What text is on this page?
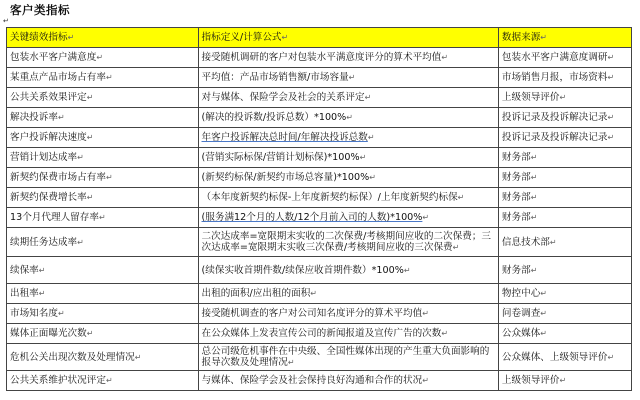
客户类指标
↵
关键绩效指标↵	指标定义/计算公式↵	数据来源↵
包装水平客户满意度↵	接受随机调研的客户对包装水平满意度评分的算术平均值↵	包装水平客户满意度调研↵
某重点产品市场占有率↵	平均值：产品市场销售额/市场容量↵	市场销售月报，市场资料↵
公共关系效果评定↵	对与媒体、保险学会及社会的关系评定↵	上级领导评价↵
解决投诉率↵	(解决的投诉数/投诉总数）*100%↵	投诉记录及投诉解决记录↵
客户投诉解决速度↵	年客户投诉解决总时间/年解决投诉总数↵	投诉记录及投诉解决记录↵
营销计划达成率↵	(营销实际标保/营销计划标保)*100%↵	财务部↵
新契约保费市场占有率↵	(新契约标保/新契约市场总容量)*100%↵	财务部↵
新契约保费增长率↵	（本年度新契约标保-上年度新契约标保）/上年度新契约标保↵	财务部↵
13个月代理人留存率↵	(服务满12个月的人数/12个月前入司的人数)*100%↵	财务部↵
续期任务达成率↵	二次达成率=宽限期末实收的二次保费/考核期间应收的二次保费；三次达成率=宽限期末实收三次保费/考核期间应收的三次保费↵	信息技术部↵
续保率↵	(续保实收首期件数/续保应收首期件数）*100%↵	财务部↵
出租率↵	出租的面积/应出租的面积↵	物控中心↵
市场知名度↵	接受随机调查的客户对公司知名度评分的算术平均值↵	问卷调查↵
媒体正面曝光次数↵	在公众媒体上发表宣传公司的新闻报道及宣传广告的次数↵	公众媒体↵
危机公关出现次数及处理情况↵	总公司级危机事件在中央级、全国性媒体出现的产生重大负面影响的报导次数及处理情况↵	公众媒体、上级领导评价↵
公共关系维护状况评定↵	与媒体、保险学会及社会保持良好沟通和合作的状况↵	上级领导评价↵
